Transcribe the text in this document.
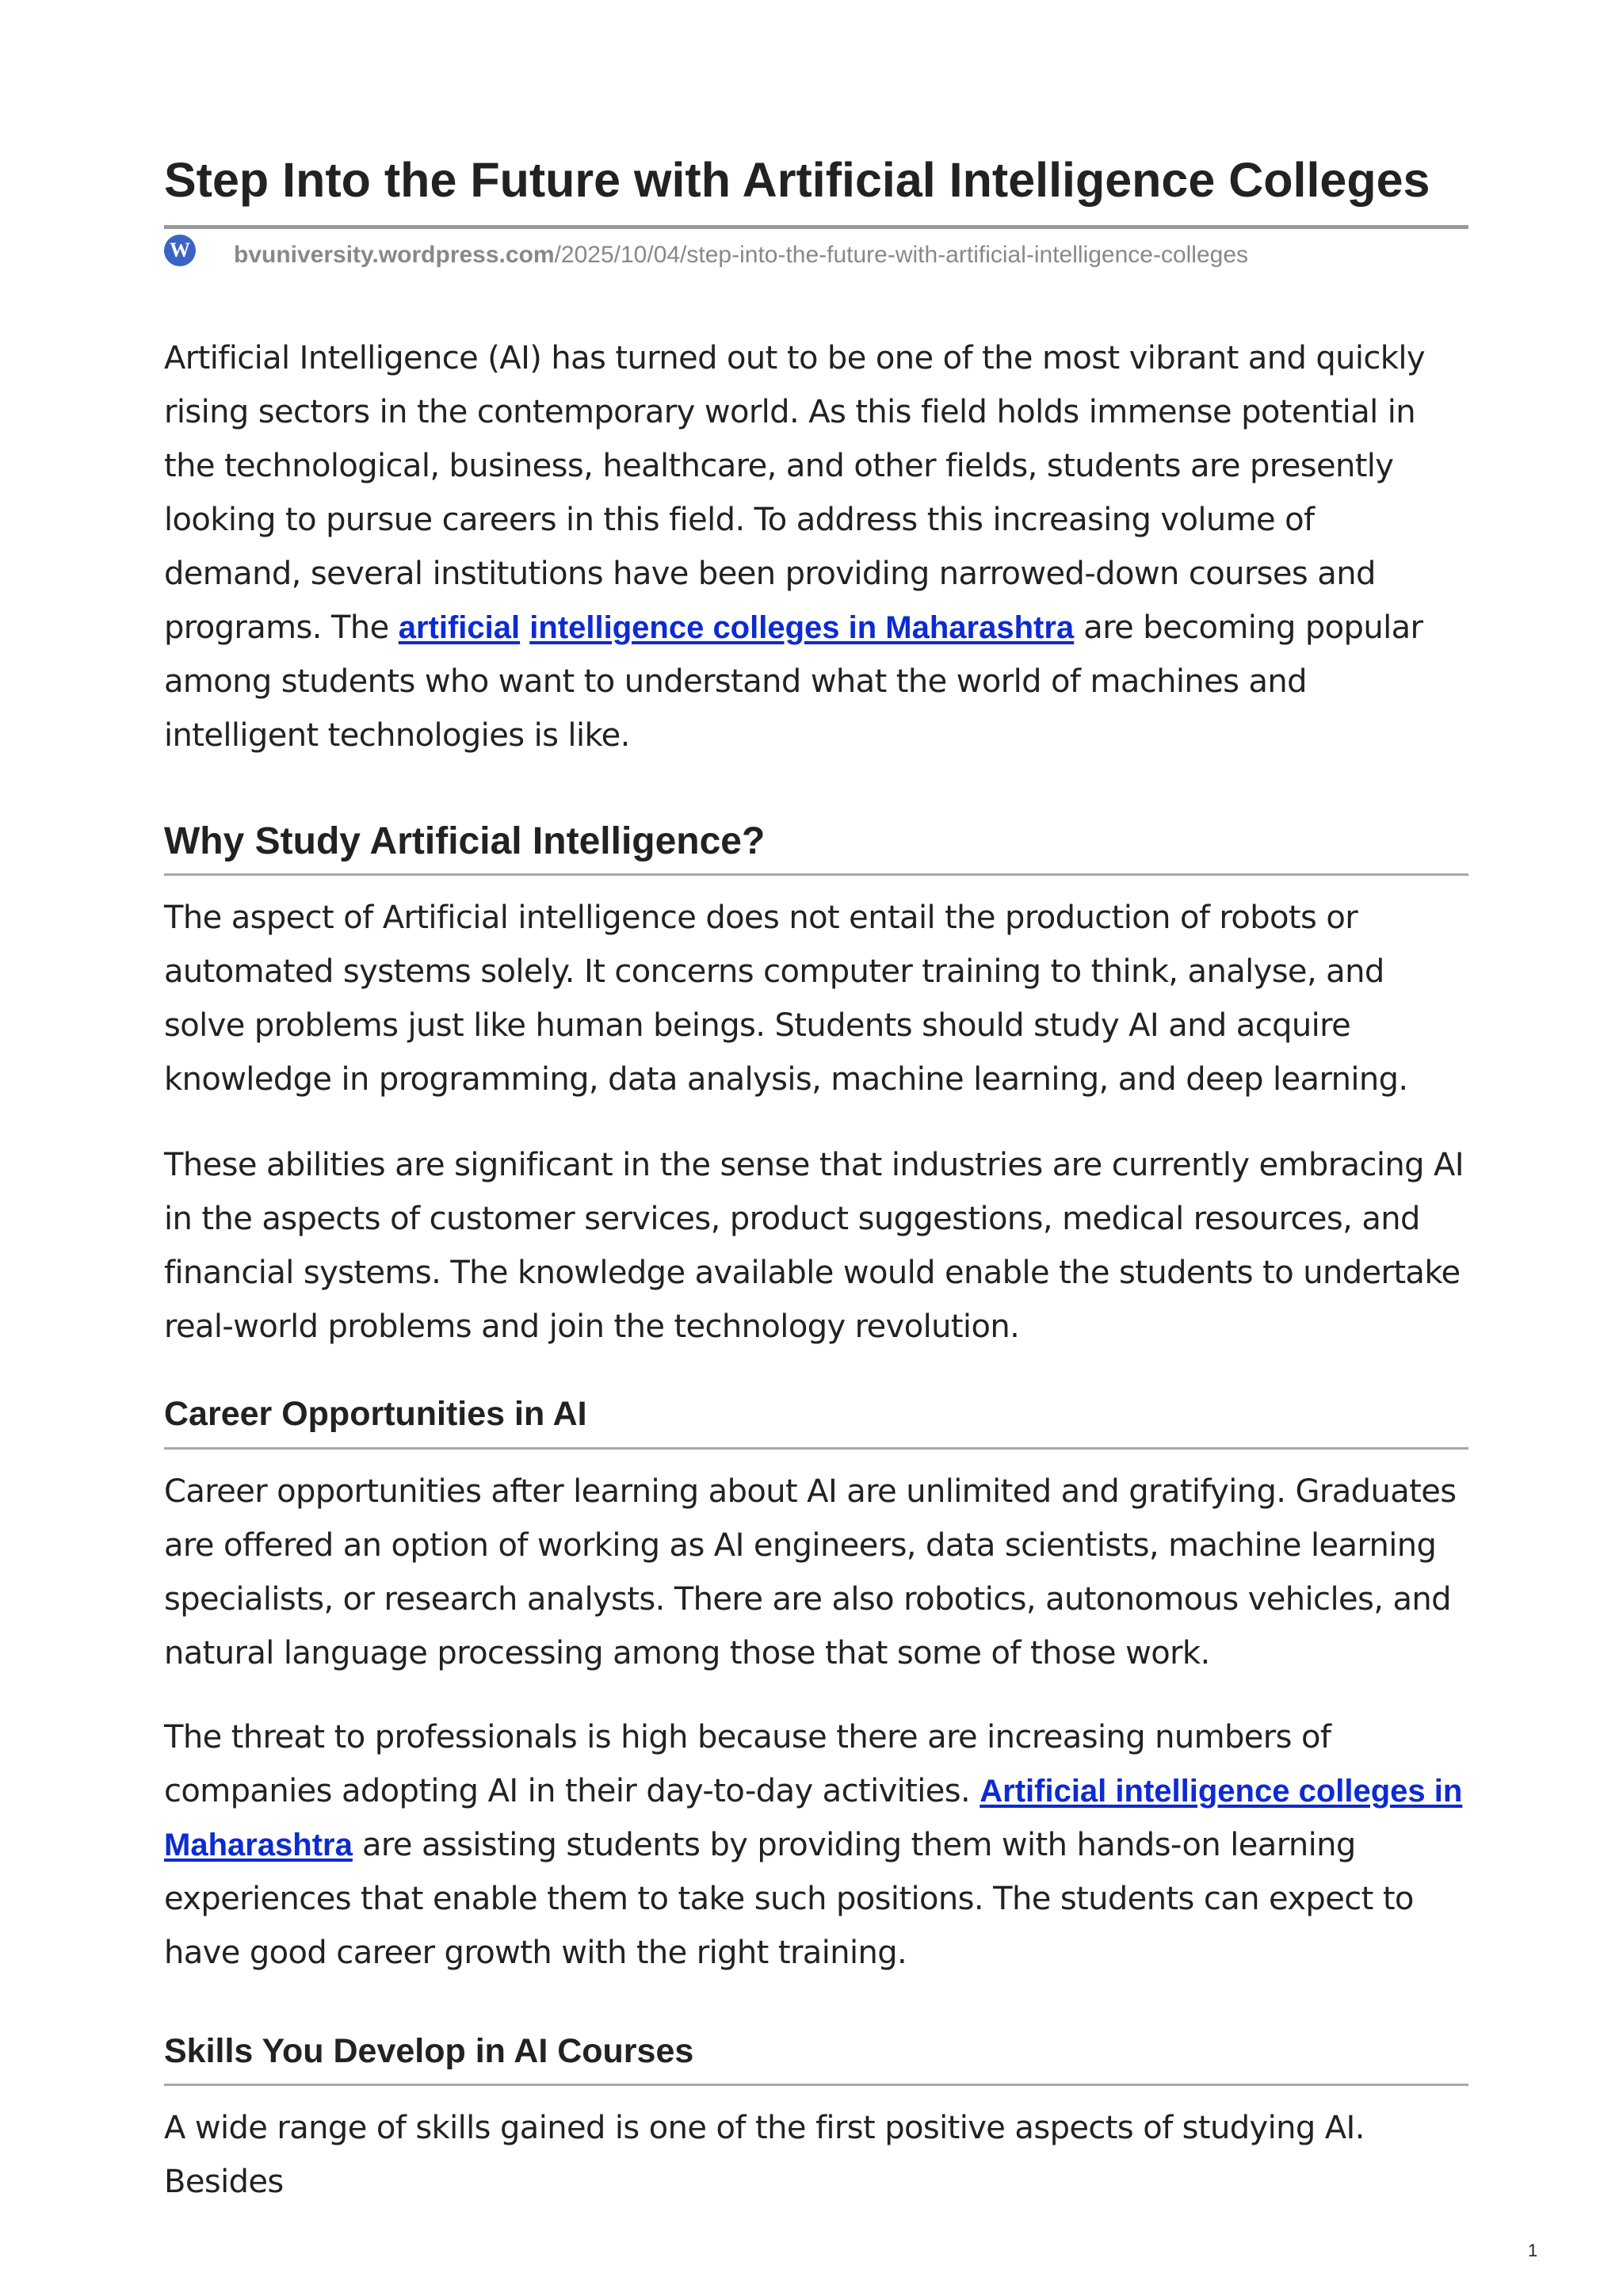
Step Into the Future with Artificial Intelligence Colleges
W bvuniversity.wordpress.com/2025/10/04/step-into-the-future-with-artificial-intelligence-colleges

Artificial Intelligence (AI) has turned out to be one of the most vibrant and quickly
rising sectors in the contemporary world. As this field holds immense potential in
the technological, business, healthcare, and other fields, students are presently
looking to pursue careers in this field. To address this increasing volume of
demand, several institutions have been providing narrowed-down courses and
programs. The artificial intelligence colleges in Maharashtra are becoming popular
among students who want to understand what the world of machines and
intelligent technologies is like.

Why Study Artificial Intelligence?

The aspect of Artificial intelligence does not entail the production of robots or
automated systems solely. It concerns computer training to think, analyse, and
solve problems just like human beings. Students should study AI and acquire
knowledge in programming, data analysis, machine learning, and deep learning.

These abilities are significant in the sense that industries are currently embracing AI
in the aspects of customer services, product suggestions, medical resources, and
financial systems. The knowledge available would enable the students to undertake
real-world problems and join the technology revolution.

Career Opportunities in AI

Career opportunities after learning about AI are unlimited and gratifying. Graduates
are offered an option of working as AI engineers, data scientists, machine learning
specialists, or research analysts. There are also robotics, autonomous vehicles, and
natural language processing among those that some of those work.

The threat to professionals is high because there are increasing numbers of
companies adopting AI in their day-to-day activities. Artificial intelligence colleges in
Maharashtra are assisting students by providing them with hands-on learning
experiences that enable them to take such positions. The students can expect to
have good career growth with the right training.

Skills You Develop in AI Courses

A wide range of skills gained is one of the first positive aspects of studying AI.
Besides

1
